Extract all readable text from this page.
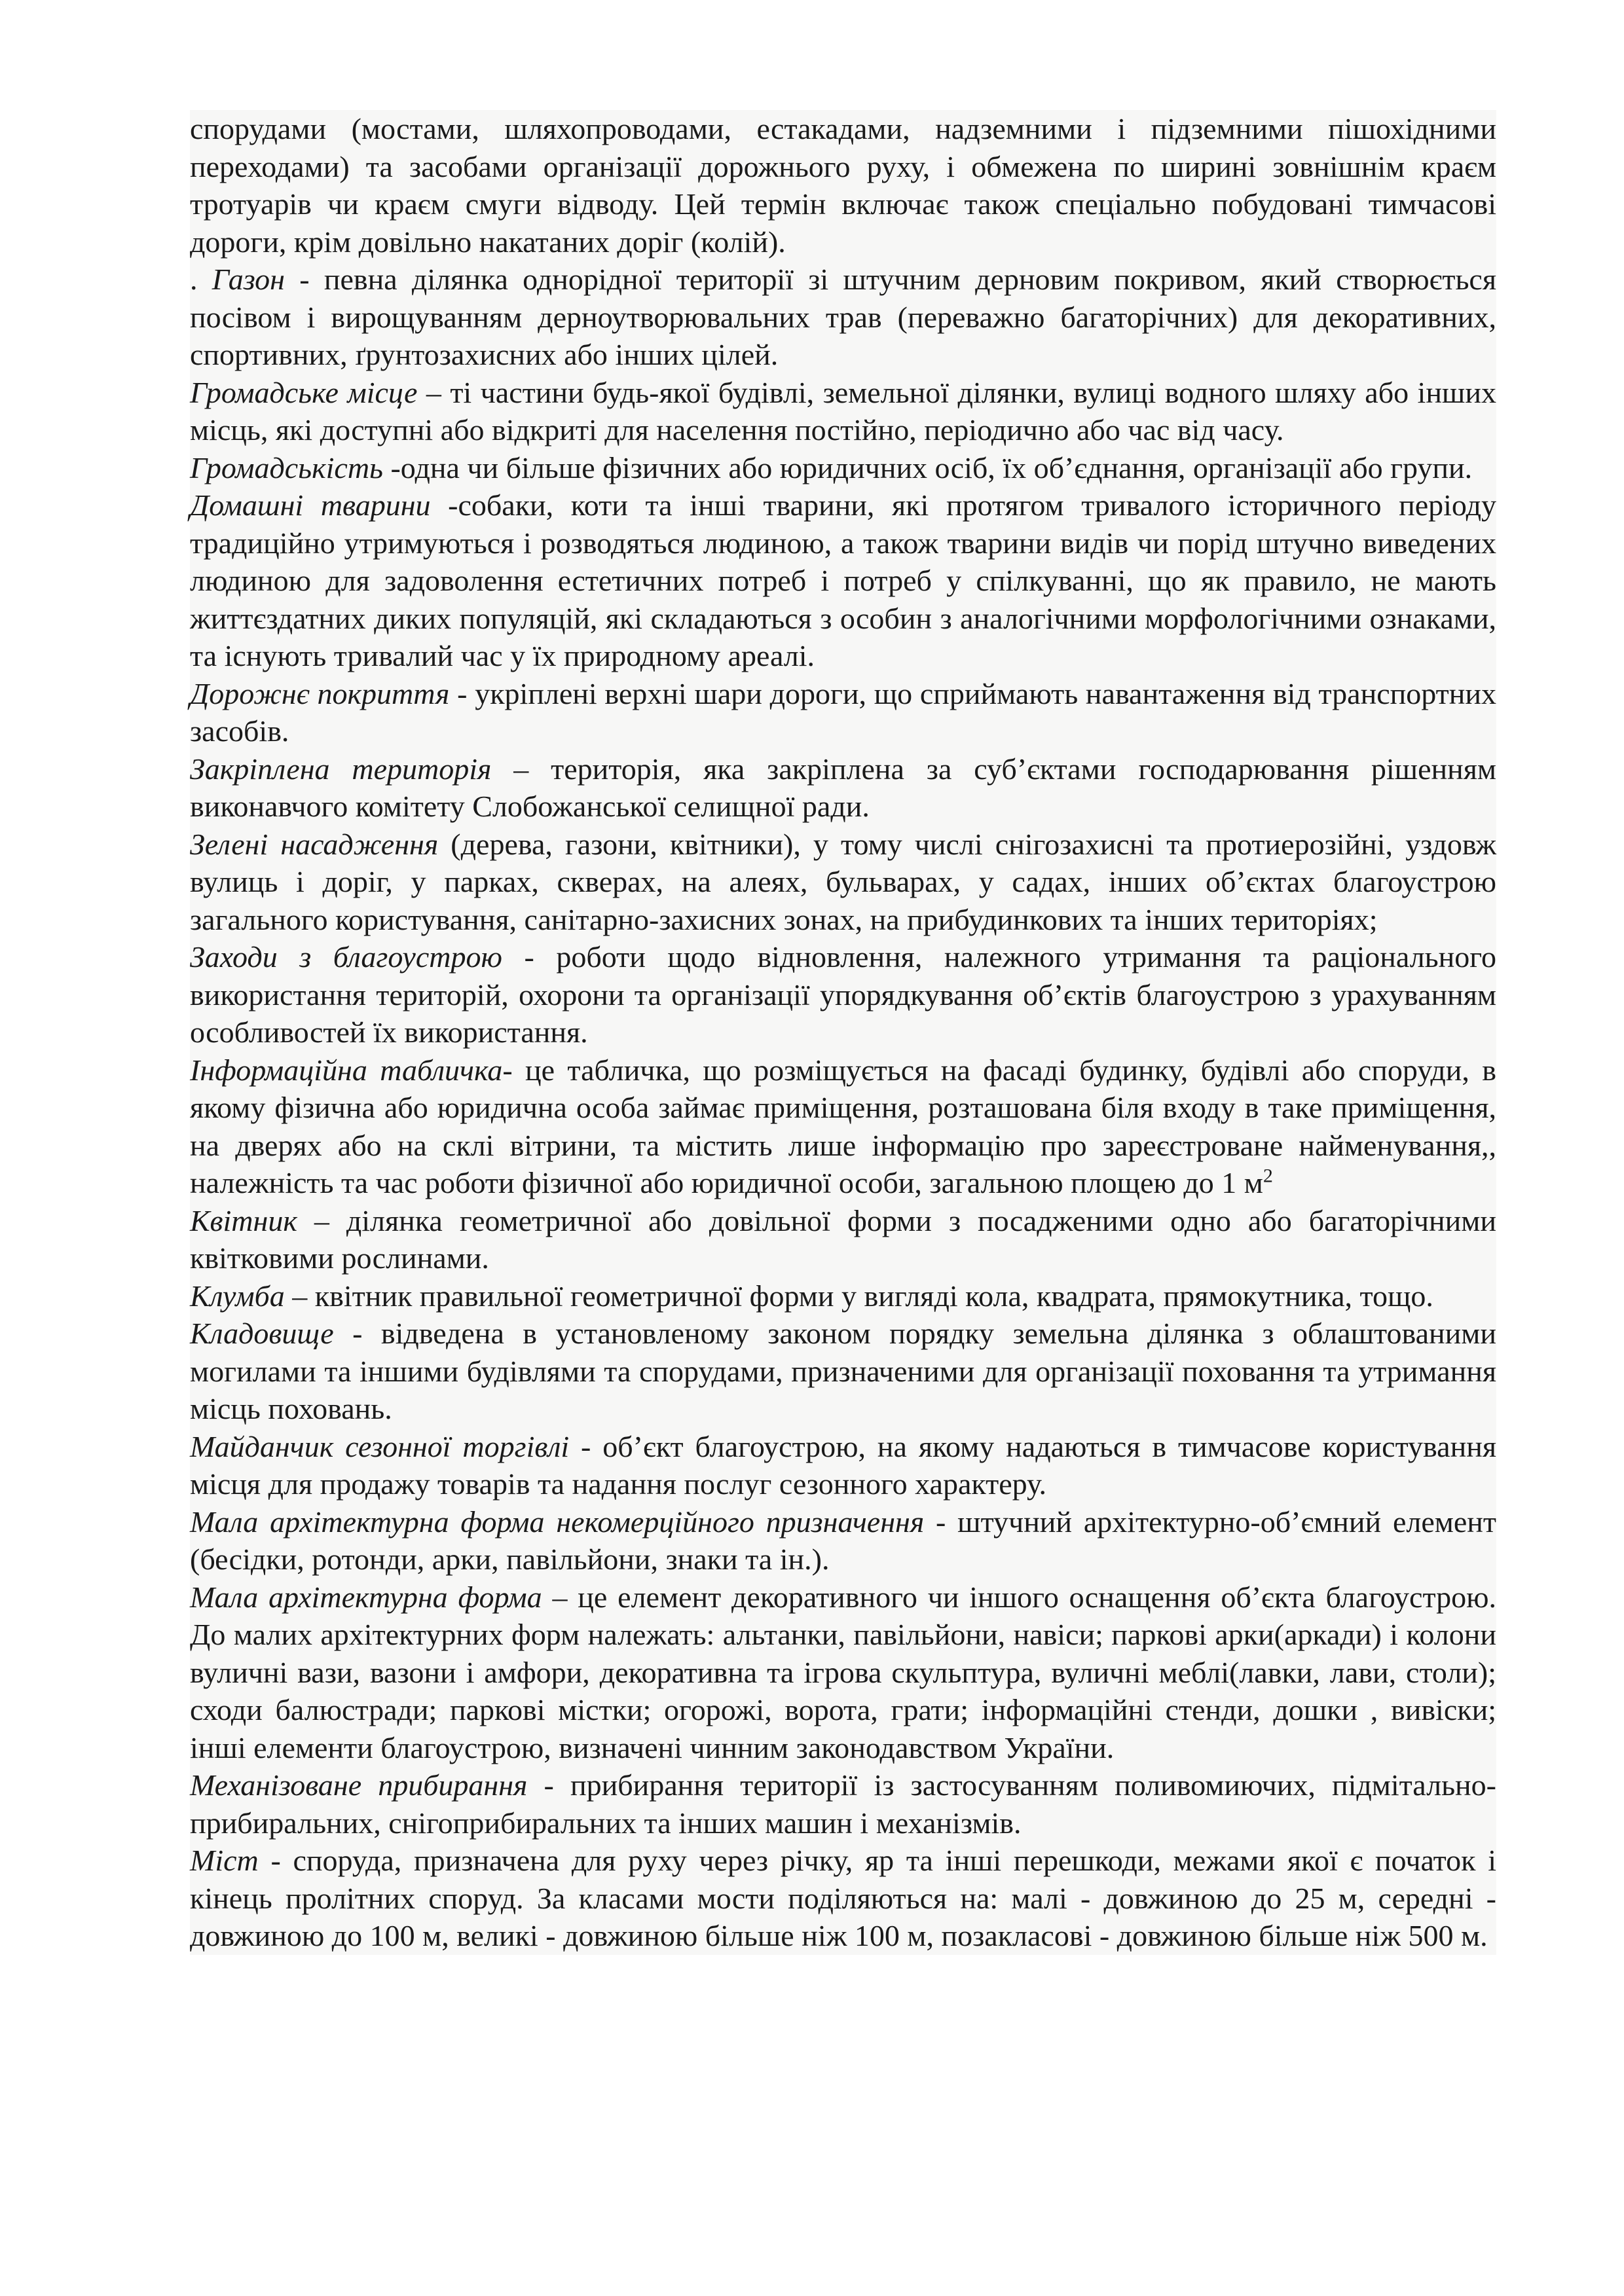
спорудами (мостами, шляхопроводами, естакадами, надземними і підземними пішохідними переходами) та засобами організації дорожнього руху, і обмежена по ширині зовнішнім краєм тротуарів чи краєм смуги відводу. Цей термін включає також спеціально побудовані тимчасові дороги, крім довільно накатаних доріг (колій).

. Газон - певна ділянка однорідної території зі штучним дерновим покривом, який створюється посівом і вирощуванням дерноутворювальних трав (переважно багаторічних) для декоративних, спортивних, ґрунтозахисних або інших цілей.

Громадське місце – ті частини будь-якої будівлі, земельної ділянки, вулиці водного шляху або інших місць, які доступні або відкриті для населення постійно, періодично або час від часу.

Громадськість -одна чи більше фізичних або юридичних осіб, їх об’єднання, організації або групи.

Домашні тварини -собаки, коти та інші тварини, які протягом тривалого історичного періоду традиційно утримуються і розводяться людиною, а також тварини видів чи порід штучно виведених людиною для задоволення естетичних потреб і потреб у спілкуванні, що як правило, не мають життєздатних диких популяцій, які складаються з особин з аналогічними морфологічними ознаками, та існують тривалий час у їх природному ареалі.

Дорожнє покриття - укріплені верхні шари дороги, що сприймають навантаження від транспортних засобів.

Закріплена територія – територія, яка закріплена за суб’єктами господарювання рішенням виконавчого комітету Слобожанської селищної ради.

Зелені насадження (дерева, газони, квітники), у тому числі снігозахисні та протиерозійні, уздовж вулиць і доріг, у парках, скверах, на алеях, бульварах, у садах, інших об’єктах благоустрою загального користування, санітарно-захисних зонах, на прибудинкових та інших територіях;

Заходи з благоустрою - роботи щодо відновлення, належного утримання та раціонального використання територій, охорони та організації упорядкування об’єктів благоустрою з урахуванням особливостей їх використання.

Інформаційна табличка- це табличка, що розміщується на фасаді будинку, будівлі або споруди, в якому фізична або юридична особа займає приміщення, розташована біля входу в таке приміщення, на дверях або на склі вітрини, та містить лише інформацію про зареєстроване найменування,, належність та час роботи фізичної або юридичної особи, загальною площею до 1 $м^2$

Квітник – ділянка геометричної або довільної форми з посадженими одно або багаторічними квітковими рослинами.

Клумба – квітник правильної геометричної форми у вигляді кола, квадрата, прямокутника, тощо.

Кладовище - відведена в установленому законом порядку земельна ділянка з облаштованими могилами та іншими будівлями та спорудами, призначеними для організації поховання та утримання місць поховань.

Майданчик сезонної торгівлі - об’єкт благоустрою, на якому надаються в тимчасове користування місця для продажу товарів та надання послуг сезонного характеру.

Мала архітектурна форма некомерційного призначення - штучний архітектурно-об’ємний елемент (бесідки, ротонди, арки, павільйони, знаки та ін.).

Мала архітектурна форма – це елемент декоративного чи іншого оснащення об’єкта благоустрою. До малих архітектурних форм належать: альтанки, павільйони, навіси; паркові арки(аркади) і колони вуличні вази, вазони і амфори, декоративна та ігрова скульптура, вуличні меблі(лавки, лави, столи); сходи балюстради; паркові містки; огорожі, ворота, грати; інформаційні стенди, дошки , вивіски; інші елементи благоустрою, визначені чинним законодавством України.

Механізоване прибирання - прибирання території із застосуванням поливомиючих, підмітально-прибиральних, снігоприбиральних та інших машин і механізмів.

Міст - споруда, призначена для руху через річку, яр та інші перешкоди, межами якої є початок і кінець пролітних споруд. За класами мости поділяються на: малі - довжиною до 25 м, середні - довжиною до 100 м, великі - довжиною більше ніж 100 м, позакласові - довжиною більше ніж 500 м.
